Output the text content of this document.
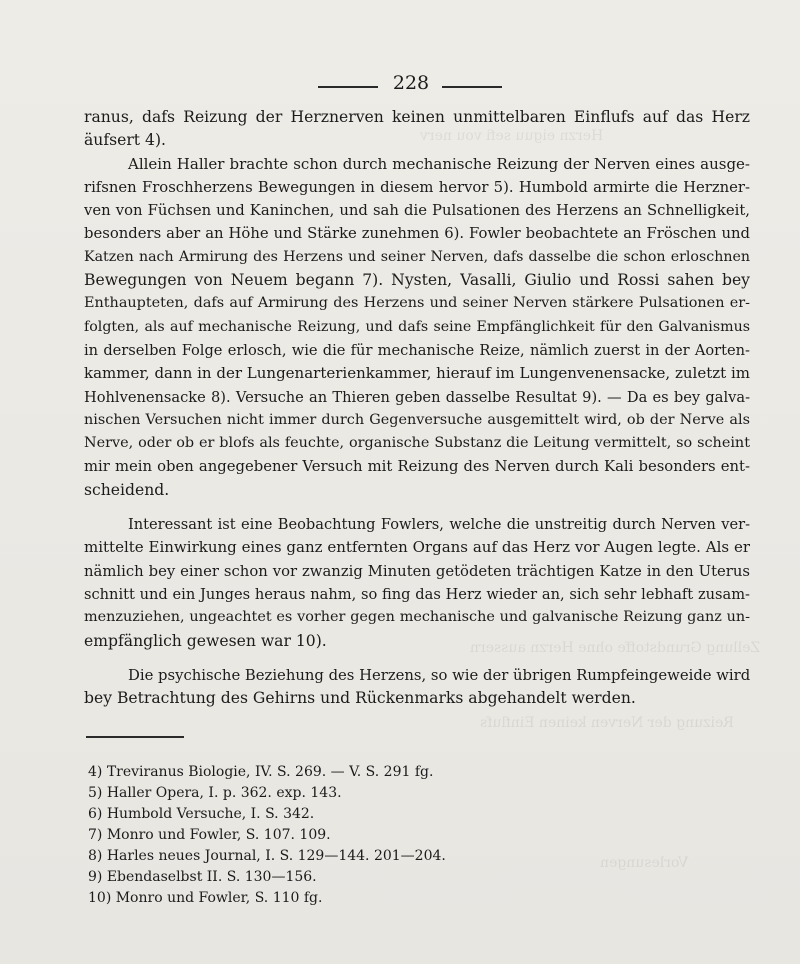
Herzn eiguu sefi vou nerv
Zellung Grundstoffe ohne Herzn aussern
Reizung der Nerven keinen Einflufs
Vorlesungen
228
ranus, dafs Reizung der Herznerven keinen unmittelbaren Einflufs auf das Herz
äufsert 4).
Allein Haller brachte schon durch mechanische Reizung der Nerven eines ausge-
rifsnen Froschherzens Bewegungen in diesem hervor 5). Humbold armirte die Herzner-
ven von Füchsen und Kaninchen, und sah die Pulsationen des Herzens an Schnelligkeit,
besonders aber an Höhe und Stärke zunehmen 6). Fowler beobachtete an Fröschen und
Katzen nach Armirung des Herzens und seiner Nerven, dafs dasselbe die schon erloschnen
Bewegungen von Neuem begann 7). Nysten, Vasalli, Giulio und Rossi sahen bey
Enthaupteten, dafs auf Armirung des Herzens und seiner Nerven stärkere Pulsationen er-
folgten, als auf mechanische Reizung, und dafs seine Empfänglichkeit für den Galvanismus
in derselben Folge erlosch, wie die für mechanische Reize, nämlich zuerst in der Aorten-
kammer, dann in der Lungenarterienkammer, hierauf im Lungenvenensacke, zuletzt im
Hohlvenensacke 8). Versuche an Thieren geben dasselbe Resultat 9). — Da es bey galva-
nischen Versuchen nicht immer durch Gegenversuche ausgemittelt wird, ob der Nerve als
Nerve, oder ob er blofs als feuchte, organische Substanz die Leitung vermittelt, so scheint
mir mein oben angegebener Versuch mit Reizung des Nerven durch Kali besonders ent-
scheidend.
Interessant ist eine Beobachtung Fowlers, welche die unstreitig durch Nerven ver-
mittelte Einwirkung eines ganz entfernten Organs auf das Herz vor Augen legte. Als er
nämlich bey einer schon vor zwanzig Minuten getödeten trächtigen Katze in den Uterus
schnitt und ein Junges heraus nahm, so fing das Herz wieder an, sich sehr lebhaft zusam-
menzuziehen, ungeachtet es vorher gegen mechanische und galvanische Reizung ganz un-
empfänglich gewesen war 10).
Die psychische Beziehung des Herzens, so wie der übrigen Rumpfeingeweide wird
bey Betrachtung des Gehirns und Rückenmarks abgehandelt werden.
4) Treviranus Biologie, IV. S. 269. — V. S. 291 fg.
5) Haller Opera, I. p. 362. exp. 143.
6) Humbold Versuche, I. S. 342.
7) Monro und Fowler, S. 107. 109.
8) Harles neues Journal, I. S. 129—144. 201—204.
9) Ebendaselbst II. S. 130—156.
10) Monro und Fowler, S. 110 fg.
